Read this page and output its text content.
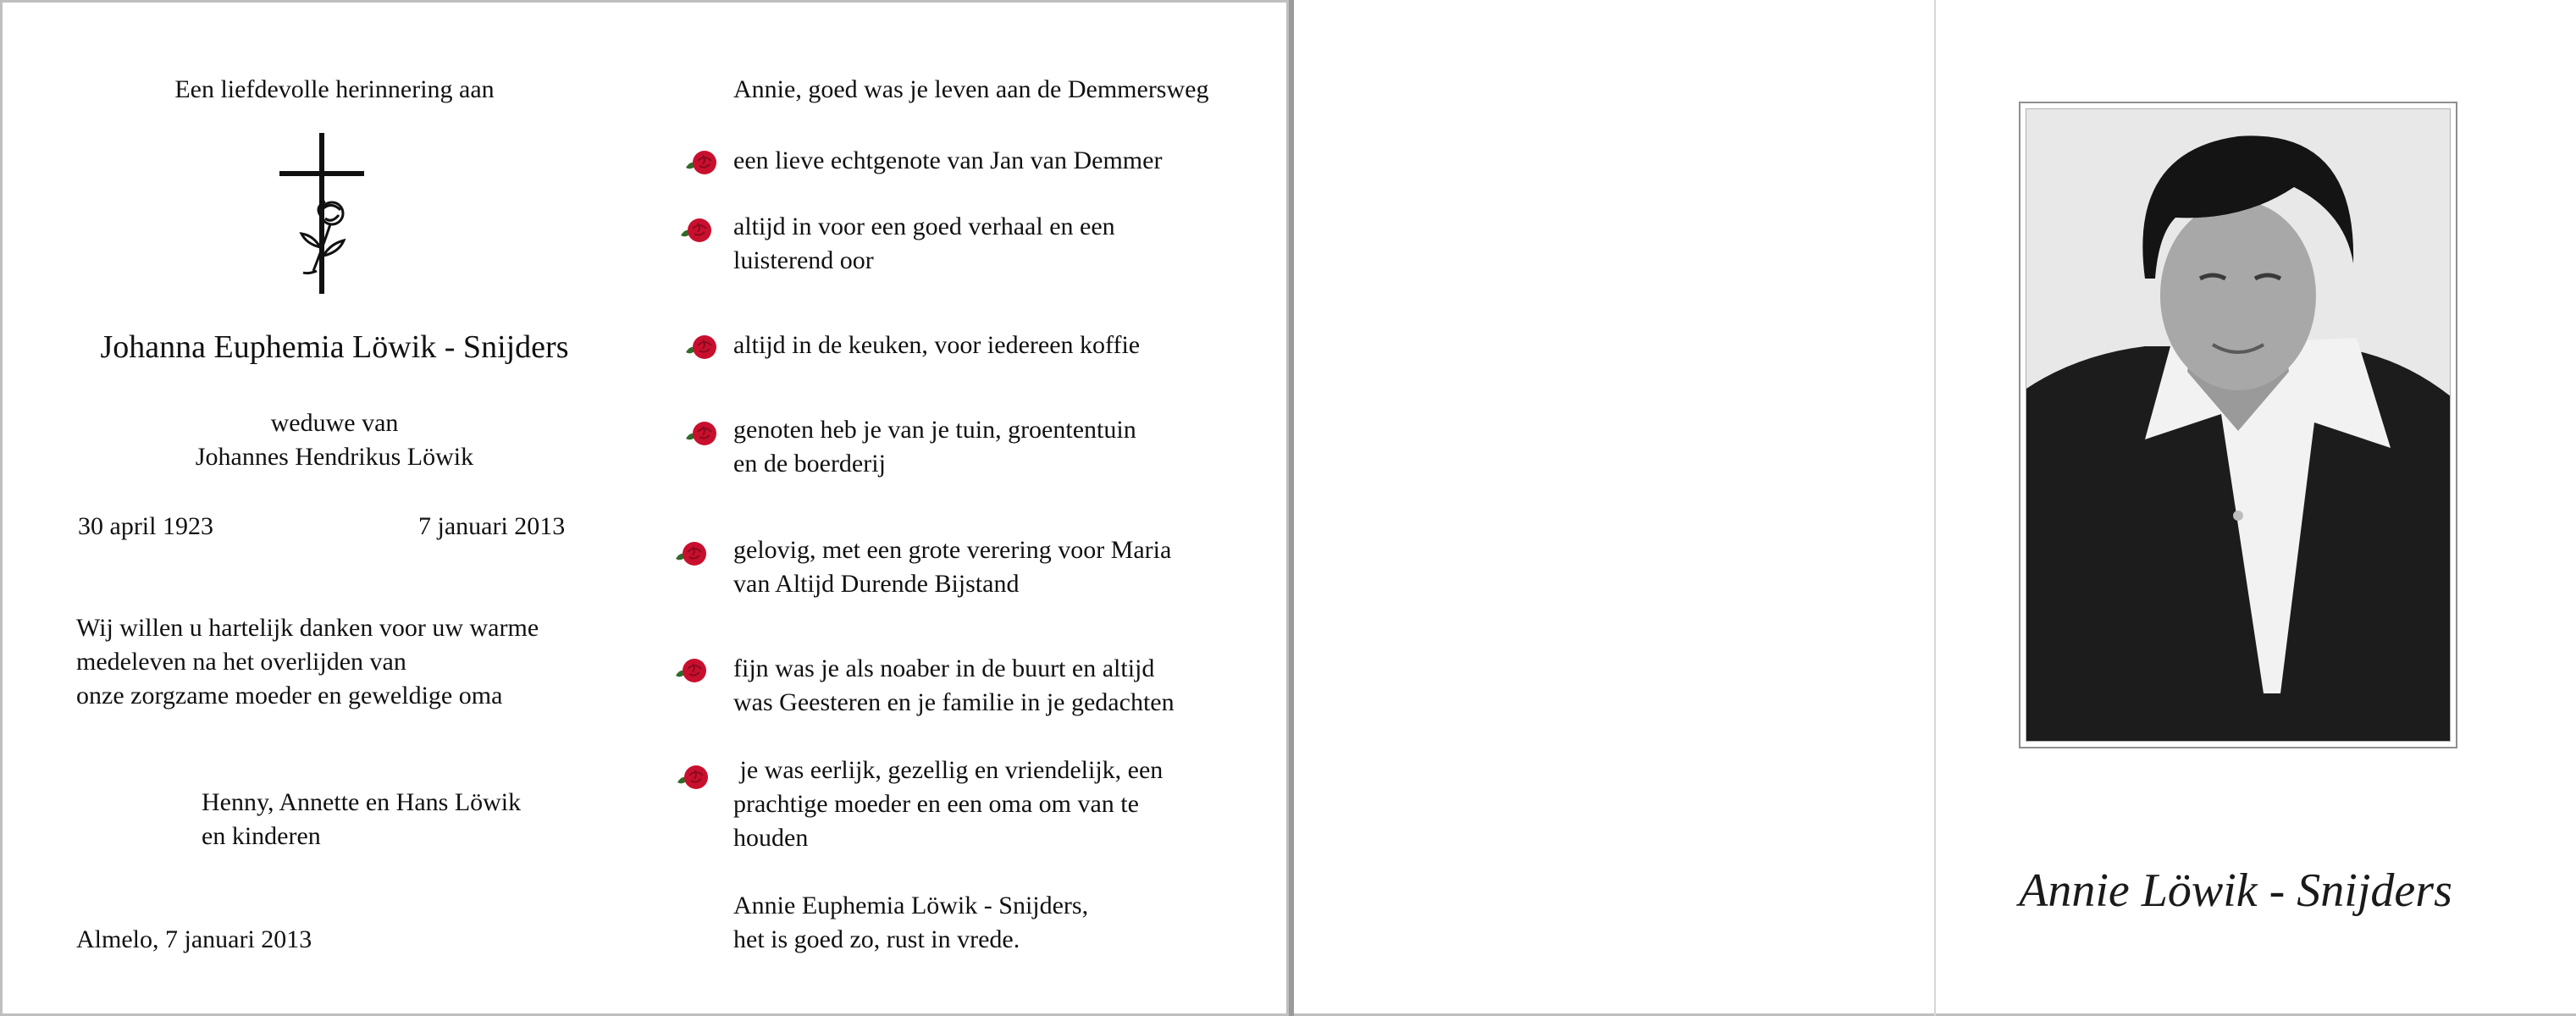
Een liefdevolle herinnering aan
Johanna Euphemia Löwik - Snijders
weduwe van
Johannes Hendrikus Löwik
30 april 1923	7 januari 2013
Wij willen u hartelijk danken voor uw warme
medeleven na het overlijden van
onze zorgzame moeder en geweldige oma
Henny, Annette en Hans Löwik
en kinderen
Almelo, 7 januari 2013
Annie, goed was je leven aan de Demmersweg
een lieve echtgenote van Jan van Demmer
altijd in voor een goed verhaal en een
luisterend oor
altijd in de keuken, voor iedereen koffie
genoten heb je van je tuin, groententuin
en de boerderij
gelovig, met een grote verering voor Maria
van Altijd Durende Bijstand
fijn was je als noaber in de buurt en altijd
was Geesteren en je familie in je gedachten
je was eerlijk, gezellig en vriendelijk, een
prachtige moeder en een oma om van te
houden
Annie Euphemia Löwik - Snijders,
het is goed zo, rust in vrede.
Annie Löwik - Snijders
